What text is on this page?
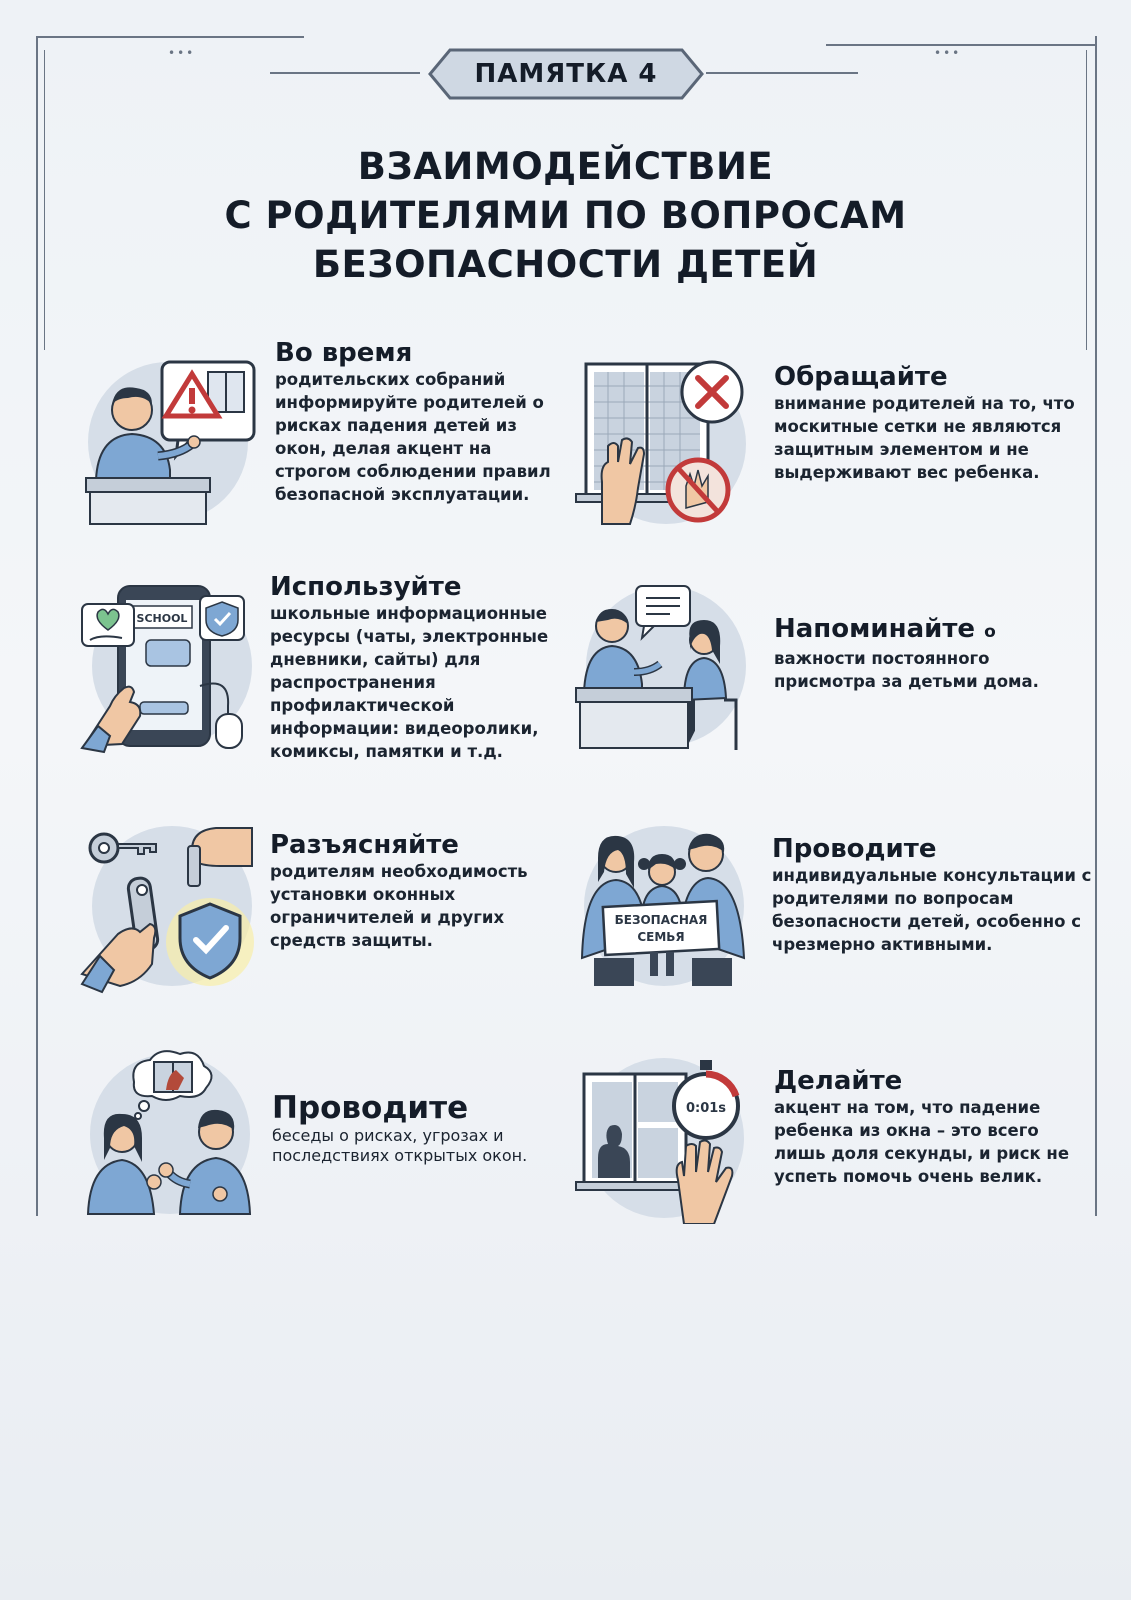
•••	•••
ПАМЯТКА 4
ВЗАИМОДЕЙСТВИЕ
С РОДИТЕЛЯМИ ПО ВОПРОСАМ
БЕЗОПАСНОСТИ ДЕТЕЙ
Во время
родительских собраний информируйте родителей о рисках падения детей из окон, делая акцент на строгом соблюдении правил безопасной эксплуатации.
Обращайте
внимание родителей на то, что москитные сетки не являются защитным элементом и не выдерживают вес ребенка.
SCHOOL
Используйте
школьные информационные ресурсы (чаты, электронные дневники, сайты) для распространения профилактической информации: видеоролики, комиксы, памятки и т.д.
Напоминайте о
важности постоянного присмотра за детьми дома.
Разъясняйте
родителям необходимость установки оконных ограничителей и других средств защиты.
БЕЗОПАСНАЯ
СЕМЬЯ
Проводите
индивидуальные консультации с родителями по вопросам безопасности детей, особенно с чрезмерно активными.
Проводите
беседы о рисках, угрозах и последствиях открытых окон.
0:01s
Делайте
акцент на том, что падение ребенка из окна – это всего лишь доля секунды, и риск не успеть помочь очень велик.
